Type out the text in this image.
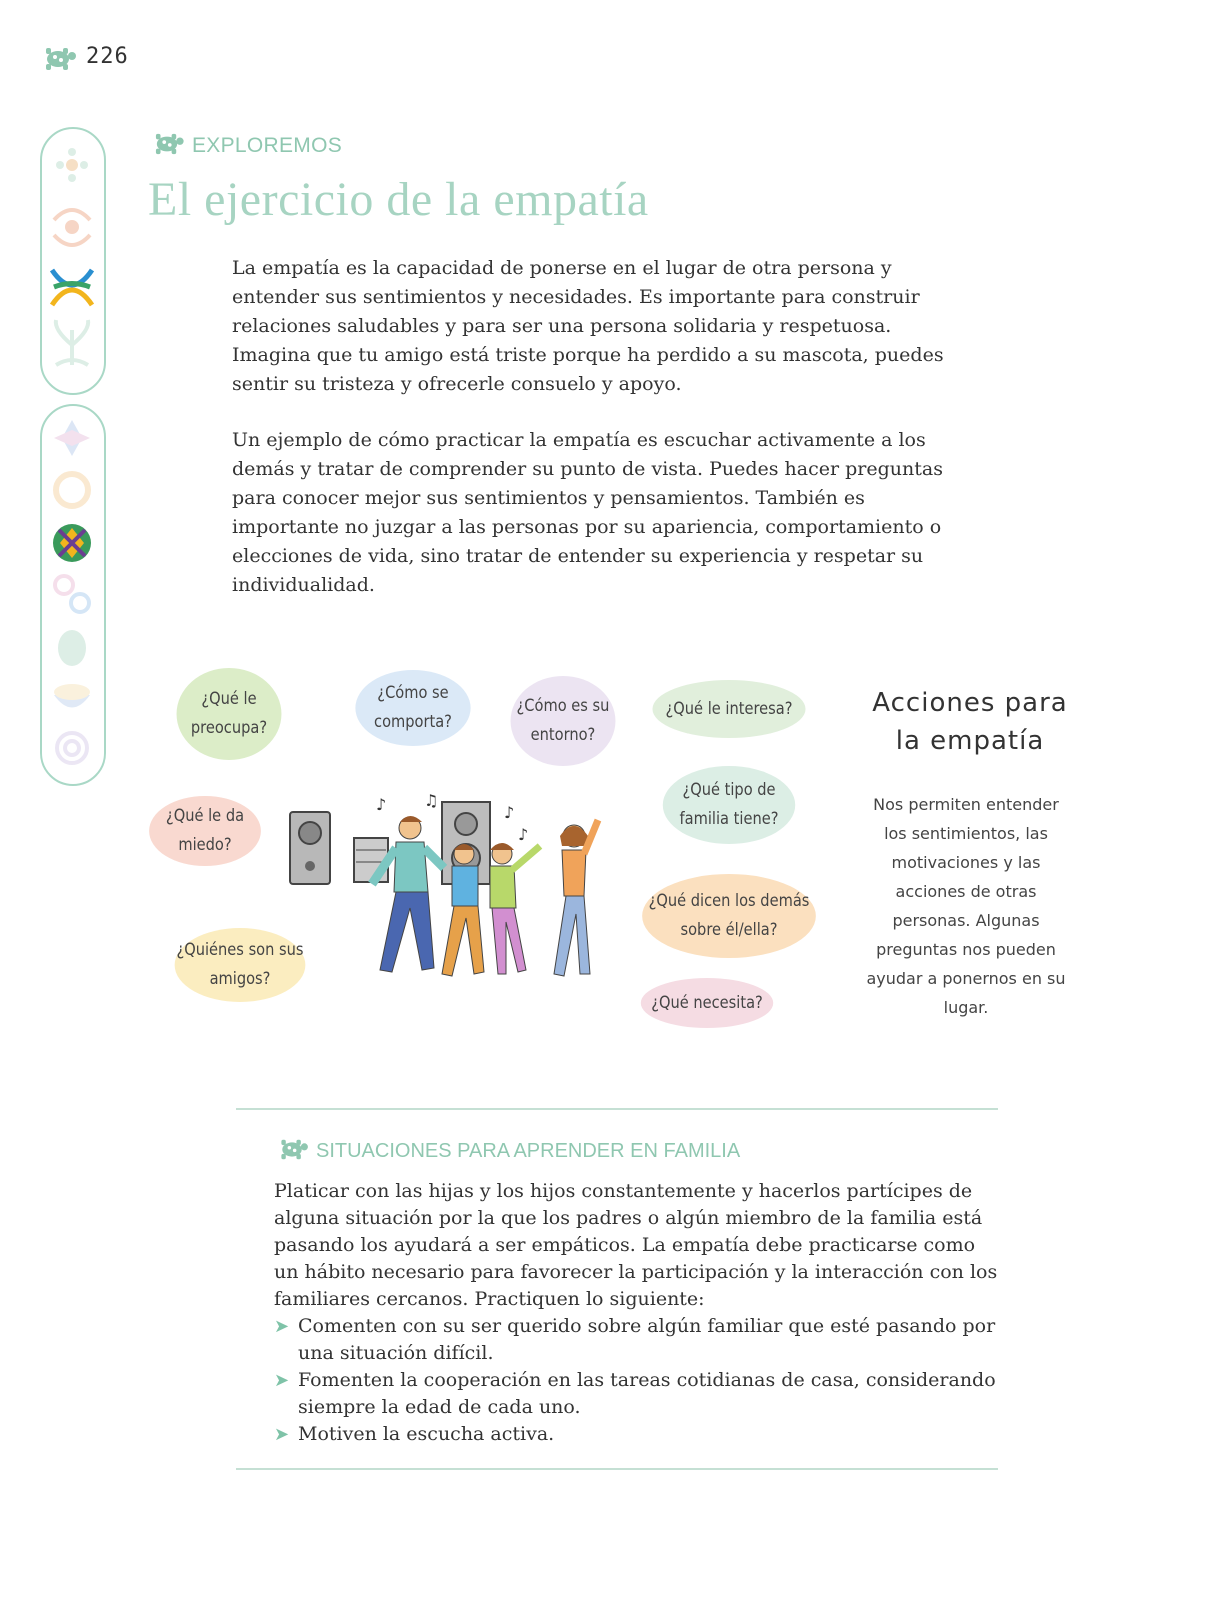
226
EXPLOREMOS
El ejercicio de la empatía

La empatía es la capacidad de ponerse en el lugar de otra persona y entender sus sentimientos y necesidades. Es importante para construir relaciones saludables y para ser una persona solidaria y respetuosa. Imagina que tu amigo está triste porque ha perdido a su mascota, puedes sentir su tristeza y ofrecerle consuelo y apoyo.

Un ejemplo de cómo practicar la empatía es escuchar activamente a los demás y tratar de comprender su punto de vista. Puedes hacer preguntas para conocer mejor sus sentimientos y pensamientos. También es importante no juzgar a las personas por su apariencia, comportamiento o elecciones de vida, sino tratar de entender su experiencia y respetar su individualidad.

¿Qué le preocupa?
¿Cómo se comporta?
¿Cómo es su entorno?
¿Qué le interesa?
¿Qué le da miedo?
¿Qué tipo de familia tiene?
¿Qué dicen los demás sobre él/ella?
¿Quiénes son sus amigos?
¿Qué necesita?
♪ ♫
♪
♪
Acciones para la empatía
Nos permiten entender los sentimientos, las motivaciones y las acciones de otras personas. Algunas preguntas nos pueden ayudar a ponernos en su lugar.
SITUACIONES PARA APRENDER EN FAMILIA

Platicar con las hijas y los hijos constantemente y hacerlos partícipes de alguna situación por la que los padres o algún miembro de la familia está pasando los ayudará a ser empáticos. La empatía debe practicarse como un hábito necesario para favorecer la participación y la interacción con los familiares cercanos. Practiquen lo siguiente:

➤ Comenten con su ser querido sobre algún familiar que esté pasando por una situación difícil.
➤ Fomenten la cooperación en las tareas cotidianas de casa, considerando siempre la edad de cada uno.
➤ Motiven la escucha activa.
